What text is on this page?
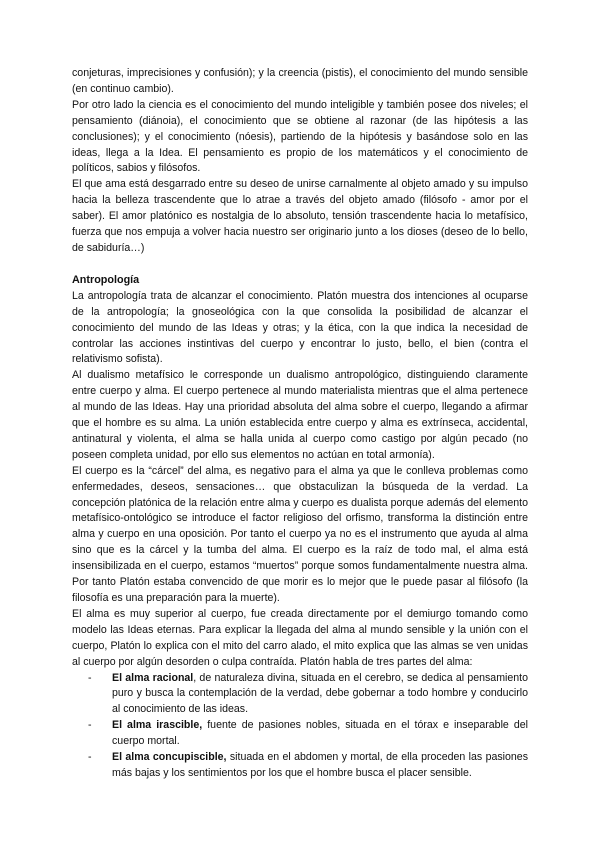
conjeturas, imprecisiones y confusión); y la creencia (pistis), el conocimiento del mundo sensible (en continuo cambio).

Por otro lado la ciencia es el conocimiento del mundo inteligible y también posee dos niveles; el pensamiento (diánoia), el conocimiento que se obtiene al razonar (de las hipótesis a las conclusiones); y el conocimiento (nóesis), partiendo de la hipótesis y basándose solo en las ideas, llega a la Idea. El pensamiento es propio de los matemáticos y el conocimiento de políticos, sabios y filósofos.

El que ama está desgarrado entre su deseo de unirse carnalmente al objeto amado y su impulso hacia la belleza trascendente que lo atrae a través del objeto amado (filósofo - amor por el saber). El amor platónico es nostalgia de lo absoluto, tensión trascendente hacia lo metafísico, fuerza que nos empuja a volver hacia nuestro ser originario junto a los dioses (deseo de lo bello, de sabiduría…)

Antropología

La antropología trata de alcanzar el conocimiento. Platón muestra dos intenciones al ocuparse de la antropología; la gnoseológica con la que consolida la posibilidad de alcanzar el conocimiento del mundo de las Ideas y otras; y la ética, con la que indica la necesidad de controlar las acciones instintivas del cuerpo y encontrar lo justo, bello, el bien (contra el relativismo sofista).

Al dualismo metafísico le corresponde un dualismo antropológico, distinguiendo claramente entre cuerpo y alma. El cuerpo pertenece al mundo materialista mientras que el alma pertenece al mundo de las Ideas. Hay una prioridad absoluta del alma sobre el cuerpo, llegando a afirmar que el hombre es su alma. La unión establecida entre cuerpo y alma es extrínseca, accidental, antinatural y violenta, el alma se halla unida al cuerpo como castigo por algún pecado (no poseen completa unidad, por ello sus elementos no actúan en total armonía).

El cuerpo es la “cárcel” del alma, es negativo para el alma ya que le conlleva problemas como enfermedades, deseos, sensaciones… que obstaculizan la búsqueda de la verdad. La concepción platónica de la relación entre alma y cuerpo es dualista porque además del elemento metafísico-ontológico se introduce el factor religioso del orfismo, transforma la distinción entre alma y cuerpo en una oposición. Por tanto el cuerpo ya no es el instrumento que ayuda al alma sino que es la cárcel y la tumba del alma. El cuerpo es la raíz de todo mal, el alma está insensibilizada en el cuerpo, estamos “muertos” porque somos fundamentalmente nuestra alma. Por tanto Platón estaba convencido de que morir es lo mejor que le puede pasar al filósofo (la filosofía es una preparación para la muerte).

El alma es muy superior al cuerpo, fue creada directamente por el demiurgo tomando como modelo las Ideas eternas. Para explicar la llegada del alma al mundo sensible y la unión con el cuerpo, Platón lo explica con el mito del carro alado, el mito explica que las almas se ven unidas al cuerpo por algún desorden o culpa contraída. Platón habla de tres partes del alma:

- El alma racional, de naturaleza divina, situada en el cerebro, se dedica al pensamiento puro y busca la contemplación de la verdad, debe gobernar a todo hombre y conducirlo al conocimiento de las ideas.
- El alma irascible, fuente de pasiones nobles, situada en el tórax e inseparable del cuerpo mortal.
- El alma concupiscible, situada en el abdomen y mortal, de ella proceden las pasiones más bajas y los sentimientos por los que el hombre busca el placer sensible.
